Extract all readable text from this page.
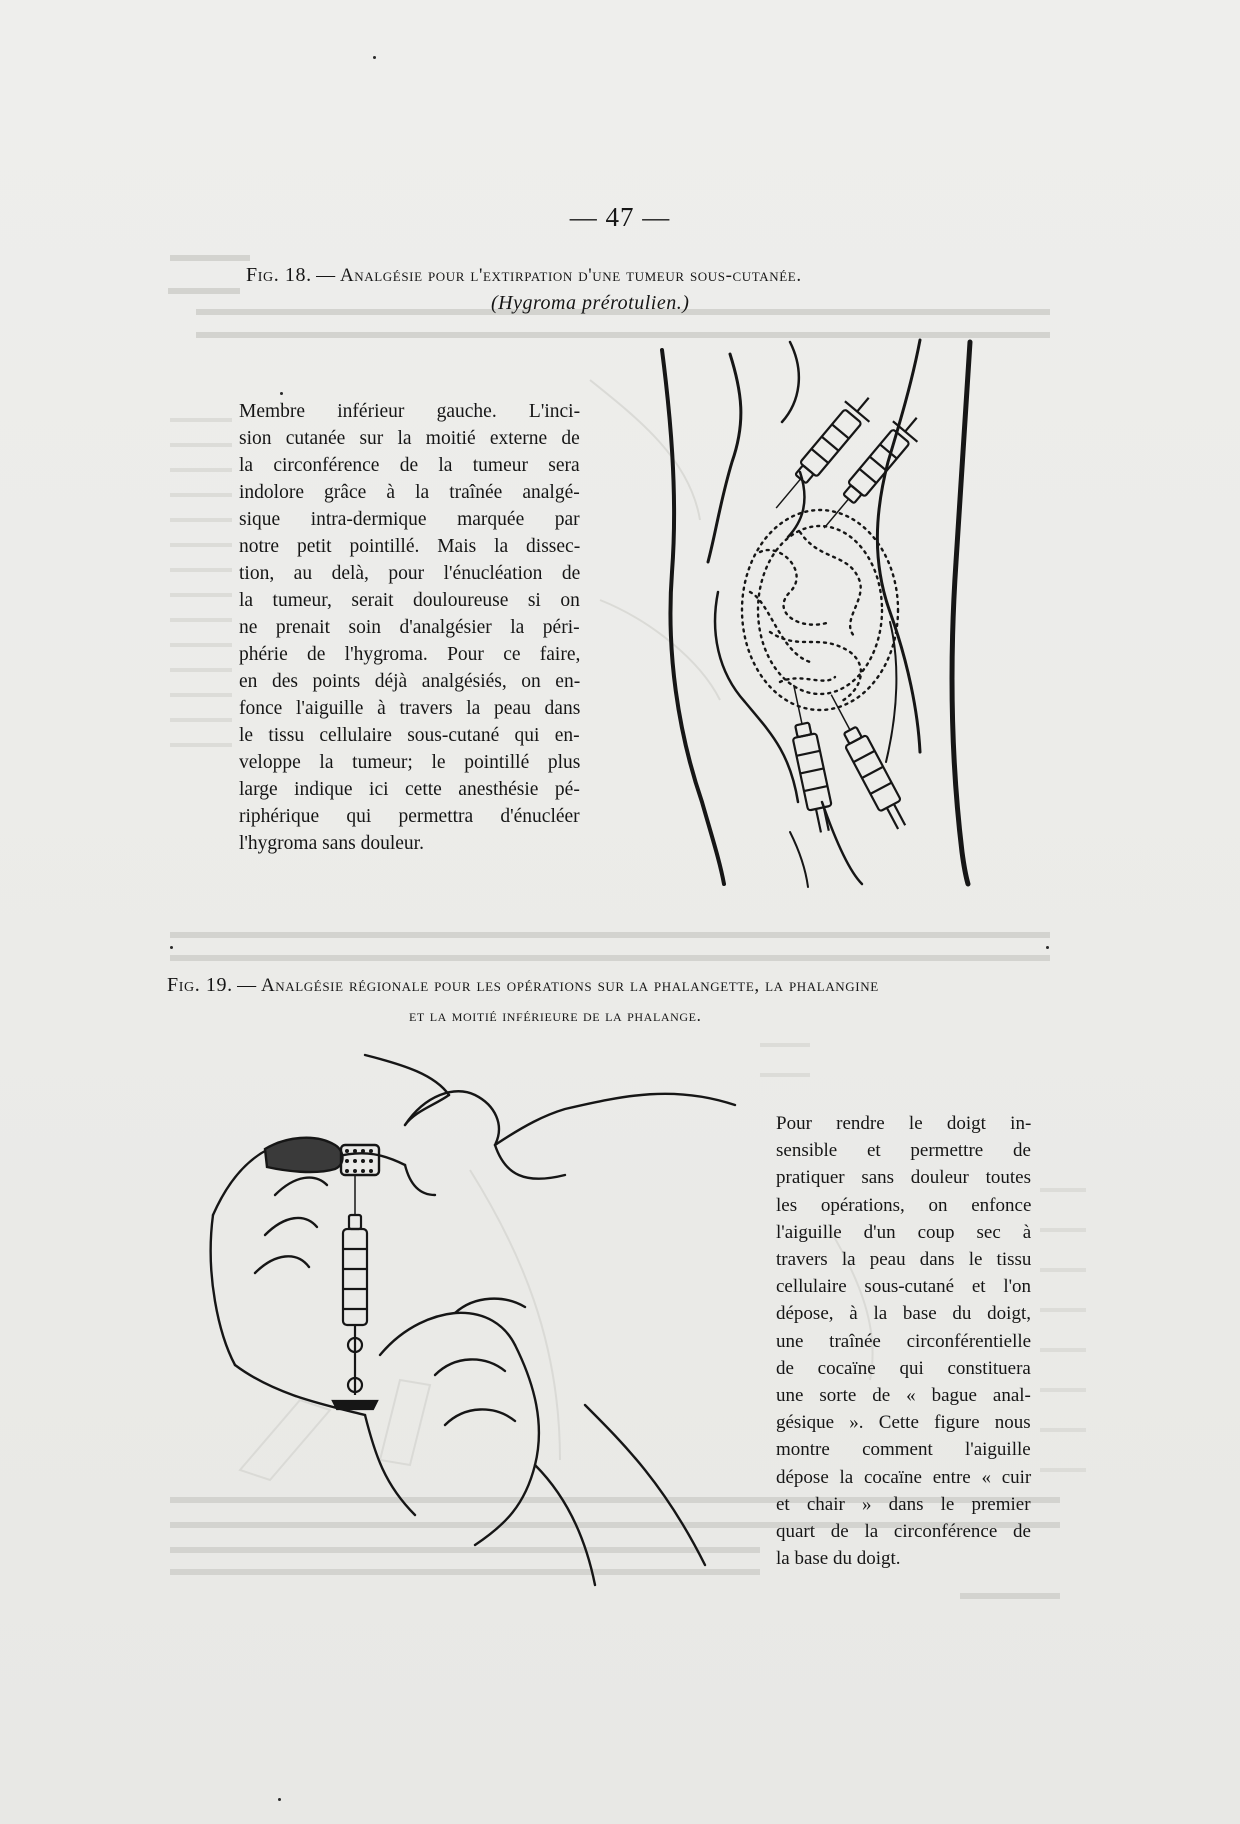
— 47 —
Fig. 18. — Analgésie pour l'extirpation d'une tumeur sous-cutanée.
(Hygroma prérotulien.)
Membre inférieur gauche. L'inci-
sion cutanée sur la moitié externe de
la circonférence de la tumeur sera
indolore grâce à la traînée analgé-
sique intra-dermique marquée par
notre petit pointillé. Mais la dissec-
tion, au delà, pour l'énucléation de
la tumeur, serait douloureuse si on
ne prenait soin d'analgésier la péri-
phérie de l'hygroma. Pour ce faire,
en des points déjà analgésiés, on en-
fonce l'aiguille à travers la peau dans
le tissu cellulaire sous-cutané qui en-
veloppe la tumeur; le pointillé plus
large indique ici cette anesthésie pé-
riphérique qui permettra d'énucléer
l'hygroma sans douleur.
Fig. 19. — Analgésie régionale pour les opérations sur la phalangette, la phalangine
et la moitié inférieure de la phalange.
Pour rendre le doigt in-
sensible et permettre de
pratiquer sans douleur toutes
les opérations, on enfonce
l'aiguille d'un coup sec à
travers la peau dans le tissu
cellulaire sous-cutané et l'on
dépose, à la base du doigt,
une traînée circonférentielle
de cocaïne qui constituera
une sorte de « bague anal-
gésique ». Cette figure nous
montre comment l'aiguille
dépose la cocaïne entre « cuir
et chair » dans le premier
quart de la circonférence de
la base du doigt.
